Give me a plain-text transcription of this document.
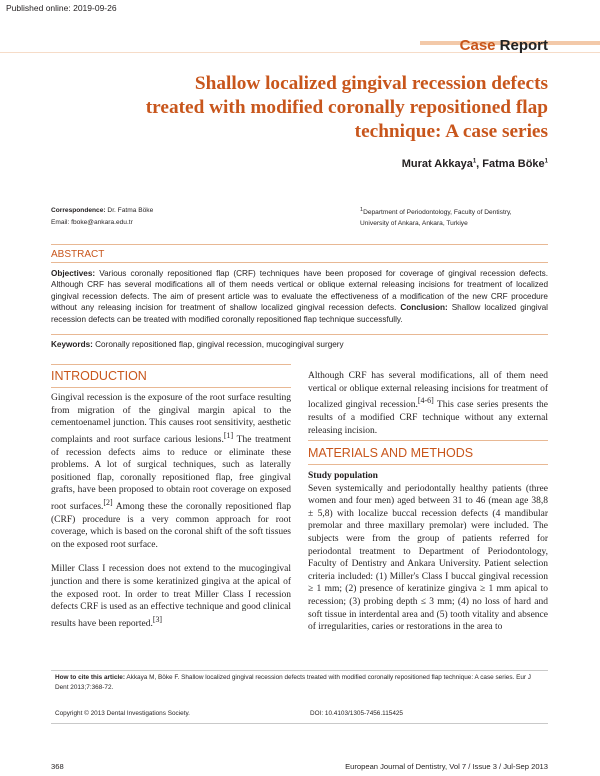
Published online: 2019-09-26
Case Report
Shallow localized gingival recession defects
treated with modified coronally repositioned flap
technique: A case series
Murat Akkaya$^1$, Fatma Böke$^1$
Correspondence: Dr. Fatma Böke
Email: fboke@ankara.edu.tr
$^1$Department of Periodontology, Faculty of Dentistry,
University of Ankara, Ankara, Turkiye
ABSTRACT
Objectives: Various coronally repositioned flap (CRF) techniques have been proposed for coverage of gingival recession defects. Although CRF has several modifications all of them needs vertical or oblique external releasing incisions for treatment of localized gingival recession defects. The aim of present article was to evaluate the effectiveness of a modification of the new CRF procedure without any releasing incision for treatment of shallow localized gingival recession defects. Conclusion: Shallow localized gingival recession defects can be treated with modified coronally repositioned flap technique successfully.
Keywords: Coronally repositioned flap, gingival recession, mucogingival surgery
INTRODUCTION

Gingival recession is the exposure of the root surface resulting from migration of the gingival margin apical to the cementoenamel junction. This causes root sensitivity, aesthetic complaints and root surface carious lesions.[1] The treatment of recession defects aims to reduce or eliminate these problems. A lot of surgical techniques, such as laterally positioned flap, coronally repositioned flap, free gingival grafts, have been proposed to obtain root coverage on exposed root surfaces.[2] Among these the coronally repositioned flap (CRF) procedure is a very common approach for root coverage, which is based on the coronal shift of the soft tissues on the exposed root surface.

Miller Class I recession does not extend to the mucogingival junction and there is some keratinized gingiva at the apical of the exposed root. In order to treat Miller Class I recession defects CRF is used as an effective technique and good clinical results have been reported.[3]

Although CRF has several modifications, all of them need vertical or oblique external releasing incisions for treatment of localized gingival recession.[4-6] This case series presents the results of a modified CRF technique without any external releasing incision.

MATERIALS AND METHODS
Study population
Seven systemically and periodontally healthy patients (three women and four men) aged between 31 to 46 (mean age 38,8 ± 5,8) with localize buccal recession defects (4 mandibular premolar and three maxillary premolar) were included. The subjects were from the group of patients referred for periodontal treatment to Department of Periodontology, Faculty of Dentistry and Ankara University. Patient selection criteria included: (1) Miller's Class I buccal gingival recession ≥ 1 mm; (2) presence of keratinize gingiva ≥ 1 mm apical to recession; (3) probing depth ≤ 3 mm; (4) no loss of hard and soft tissue in interdental area and (5) tooth vitality and absence of irregularities, caries or restorations in the area to
How to cite this article: Akkaya M, Böke F. Shallow localized gingival recession defects treated with modified coronally repositioned flap technique: A case series. Eur J Dent 2013;7:368-72.
Copyright © 2013 Dental Investigations Society.	DOI: 10.4103/1305-7456.115425
368	European Journal of Dentistry, Vol 7 / Issue 3 / Jul-Sep 2013
